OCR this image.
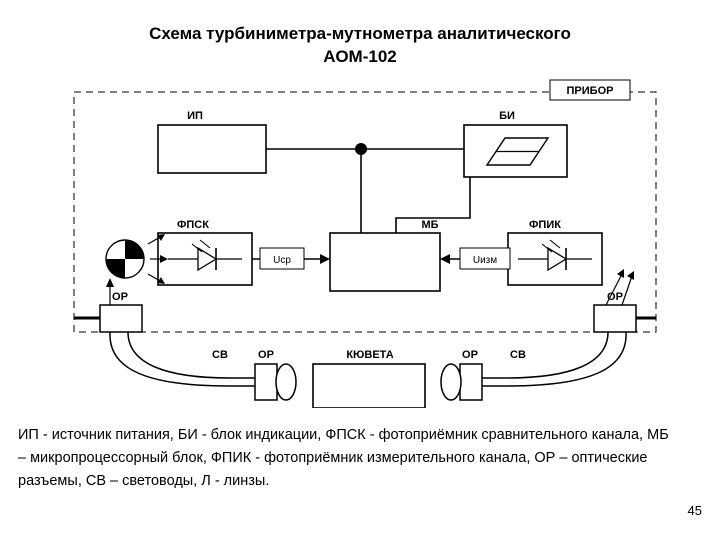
Схема турбиниметра-мутнометра аналитического
АОМ-102
ПРИБОР
ИП	БИ
ФПСК	МБ	ФПИК
Uср	Uизм
ОР	ОР
СВ	СВ
ОР	ОР
КЮВЕТА
ИП - источник питания, БИ - блок индикации, ФПСК - фотоприёмник сравнительного канала, МБ – микропроцессорный блок, ФПИК - фотоприёмник измерительного канала, ОР – оптические разъемы, СВ – световоды, Л - линзы.
45
